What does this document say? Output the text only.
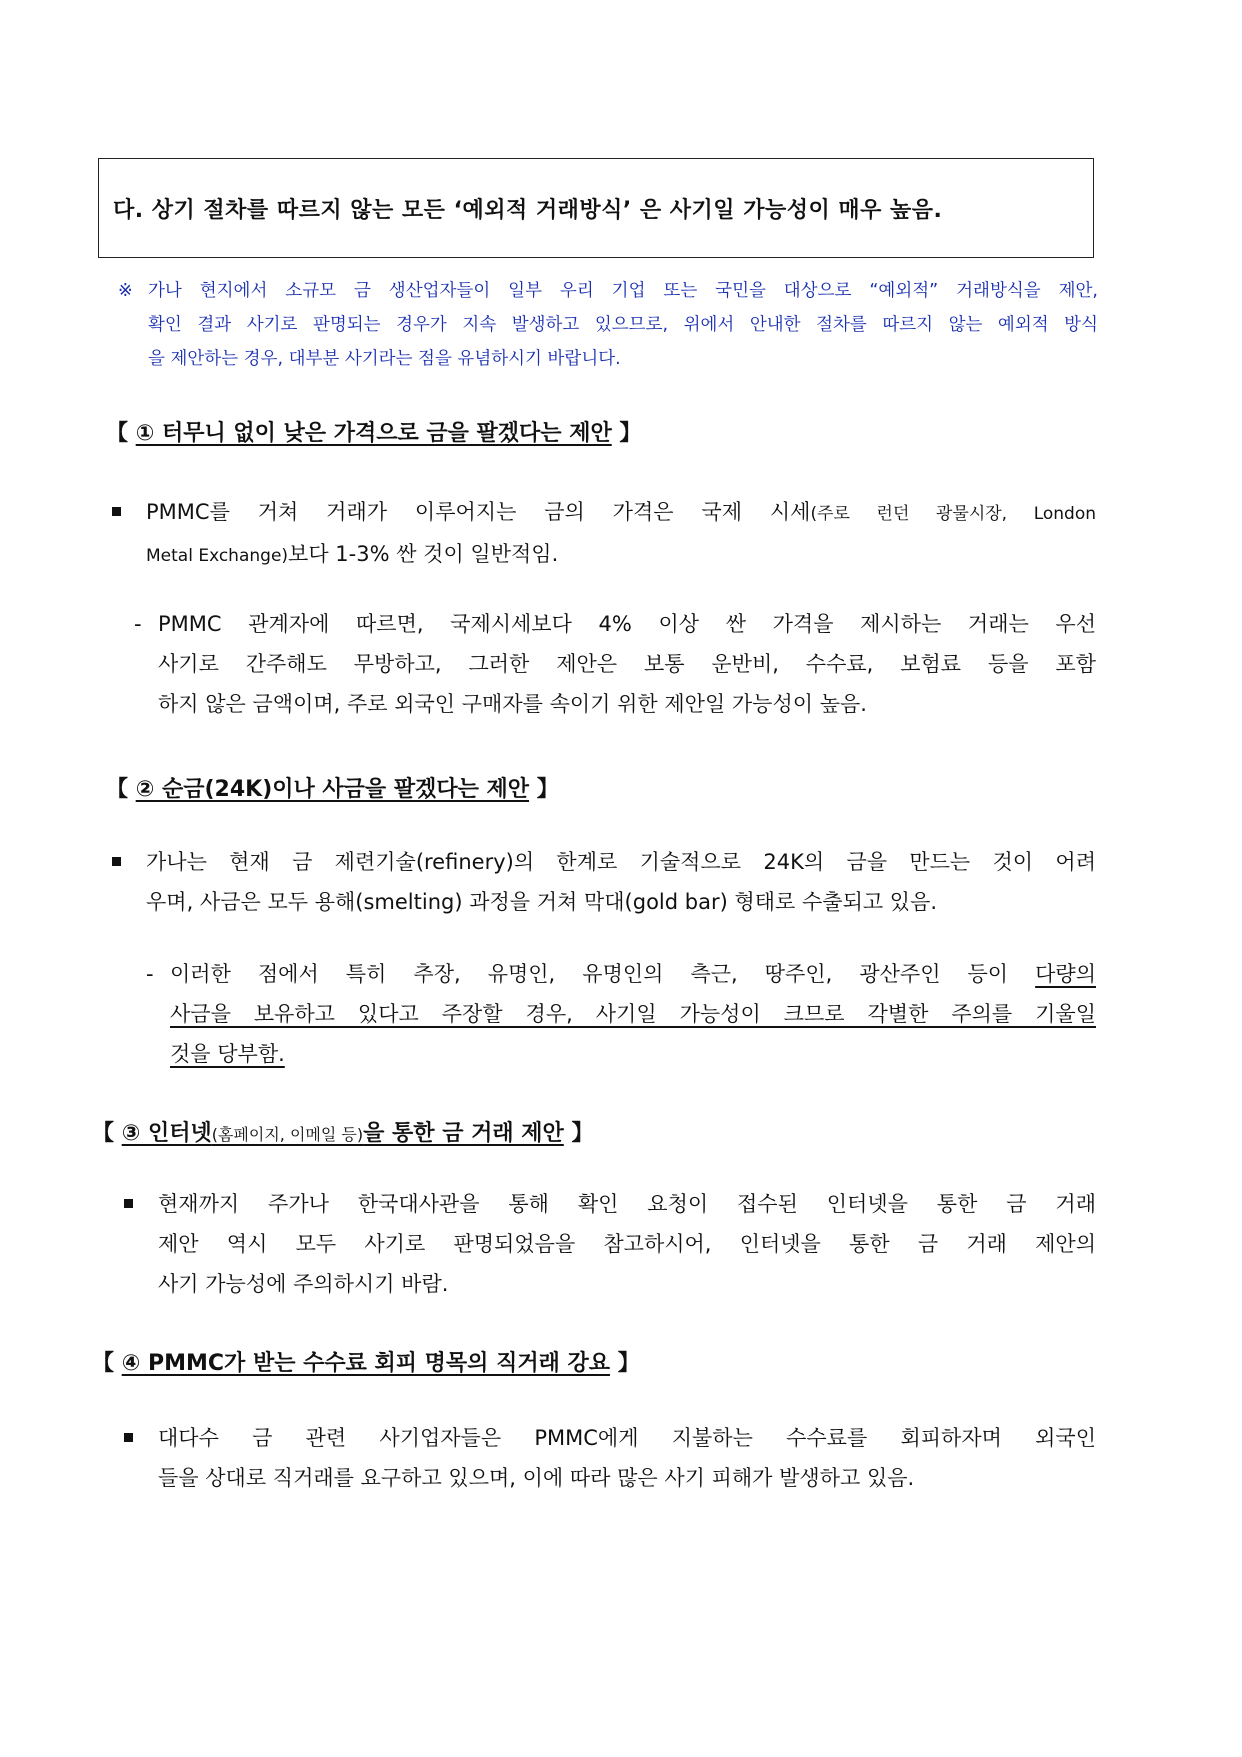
다. 상기 절차를 따르지 않는 모든 ‘예외적 거래방식’ 은 사기일 가능성이 매우 높음.
※ 가나 현지에서 소규모 금 생산업자들이 일부 우리 기업 또는 국민을 대상으로 “예외적” 거래방식을 제안,
확인 결과 사기로 판명되는 경우가 지속 발생하고 있으므로, 위에서 안내한 절차를 따르지 않는 예외적 방식
을 제안하는 경우, 대부분 사기라는 점을 유념하시기 바랍니다.
【 ① 터무니 없이 낮은 가격으로 금을 팔겠다는 제안 】
PMMC를 거쳐 거래가 이루어지는 금의 가격은 국제 시세(주로 런던 광물시장, London
Metal Exchange)보다 1-3% 싼 것이 일반적임.
- PMMC 관계자에 따르면, 국제시세보다 4% 이상 싼 가격을 제시하는 거래는 우선
사기로 간주해도 무방하고, 그러한 제안은 보통 운반비, 수수료, 보험료 등을 포함
하지 않은 금액이며, 주로 외국인 구매자를 속이기 위한 제안일 가능성이 높음.
【 ② 순금(24K)이나 사금을 팔겠다는 제안 】
가나는 현재 금 제련기술(refinery)의 한계로 기술적으로 24K의 금을 만드는 것이 어려
우며, 사금은 모두 용해(smelting) 과정을 거쳐 막대(gold bar) 형태로 수출되고 있음.
- 이러한 점에서 특히 추장, 유명인, 유명인의 측근, 땅주인, 광산주인 등이 다량의
사금을 보유하고 있다고 주장할 경우, 사기일 가능성이 크므로 각별한 주의를 기울일
것을 당부함.
【 ③ 인터넷(홈페이지, 이메일 등)을 통한 금 거래 제안 】
현재까지 주가나 한국대사관을 통해 확인 요청이 접수된 인터넷을 통한 금 거래
제안 역시 모두 사기로 판명되었음을 참고하시어, 인터넷을 통한 금 거래 제안의
사기 가능성에 주의하시기 바람.
【 ④ PMMC가 받는 수수료 회피 명목의 직거래 강요 】
대다수 금 관련 사기업자들은 PMMC에게 지불하는 수수료를 회피하자며 외국인
들을 상대로 직거래를 요구하고 있으며, 이에 따라 많은 사기 피해가 발생하고 있음.
